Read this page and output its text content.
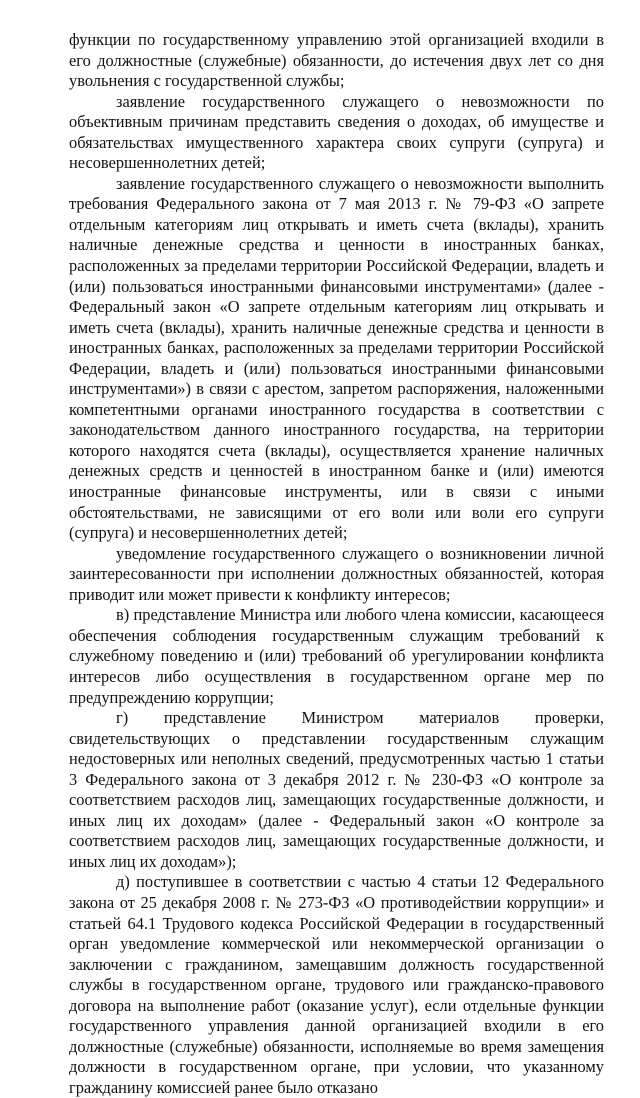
функции по государственному управлению этой организацией входили в его должностные (служебные) обязанности, до истечения двух лет со дня увольнения с государственной службы;

заявление государственного служащего о невозможности по объективным причинам представить сведения о доходах, об имуществе и обязательствах имущественного характера своих супруги (супруга) и несовершеннолетних детей;

заявление государственного служащего о невозможности выполнить требования Федерального закона от 7 мая 2013 г. № 79-ФЗ «О запрете отдельным категориям лиц открывать и иметь счета (вклады), хранить наличные денежные средства и ценности в иностранных банках, расположенных за пределами территории Российской Федерации, владеть и (или) пользоваться иностранными финансовыми инструментами» (далее - Федеральный закон «О запрете отдельным категориям лиц открывать и иметь счета (вклады), хранить наличные денежные средства и ценности в иностранных банках, расположенных за пределами территории Российской Федерации, владеть и (или) пользоваться иностранными финансовыми инструментами») в связи с арестом, запретом распоряжения, наложенными компетентными органами иностранного государства в соответствии с законодательством данного иностранного государства, на территории которого находятся счета (вклады), осуществляется хранение наличных денежных средств и ценностей в иностранном банке и (или) имеются иностранные финансовые инструменты, или в связи с иными обстоятельствами, не зависящими от его воли или воли его супруги (супруга) и несовершеннолетних детей;

уведомление государственного служащего о возникновении личной заинтересованности при исполнении должностных обязанностей, которая приводит или может привести к конфликту интересов;

в) представление Министра или любого члена комиссии, касающееся обеспечения соблюдения государственным служащим требований к служебному поведению и (или) требований об урегулировании конфликта интересов либо осуществления в государственном органе мер по предупреждению коррупции;

г) представление Министром материалов проверки, свидетельствующих о представлении государственным служащим недостоверных или неполных сведений, предусмотренных частью 1 статьи 3 Федерального закона от 3 декабря 2012 г. № 230-ФЗ «О контроле за соответствием расходов лиц, замещающих государственные должности, и иных лиц их доходам» (далее - Федеральный закон «О контроле за соответствием расходов лиц, замещающих государственные должности, и иных лиц их доходам»);

д) поступившее в соответствии с частью 4 статьи 12 Федерального закона от 25 декабря 2008 г. № 273-ФЗ «О противодействии коррупции» и статьей 64.1 Трудового кодекса Российской Федерации в государственный орган уведомление коммерческой или некоммерческой организации о заключении с гражданином, замещавшим должность государственной службы в государственном органе, трудового или гражданско-правового договора на выполнение работ (оказание услуг), если отдельные функции государственного управления данной организацией входили в его должностные (служебные) обязанности, исполняемые во время замещения должности в государственном органе, при условии, что указанному гражданину комиссией ранее было отказано
